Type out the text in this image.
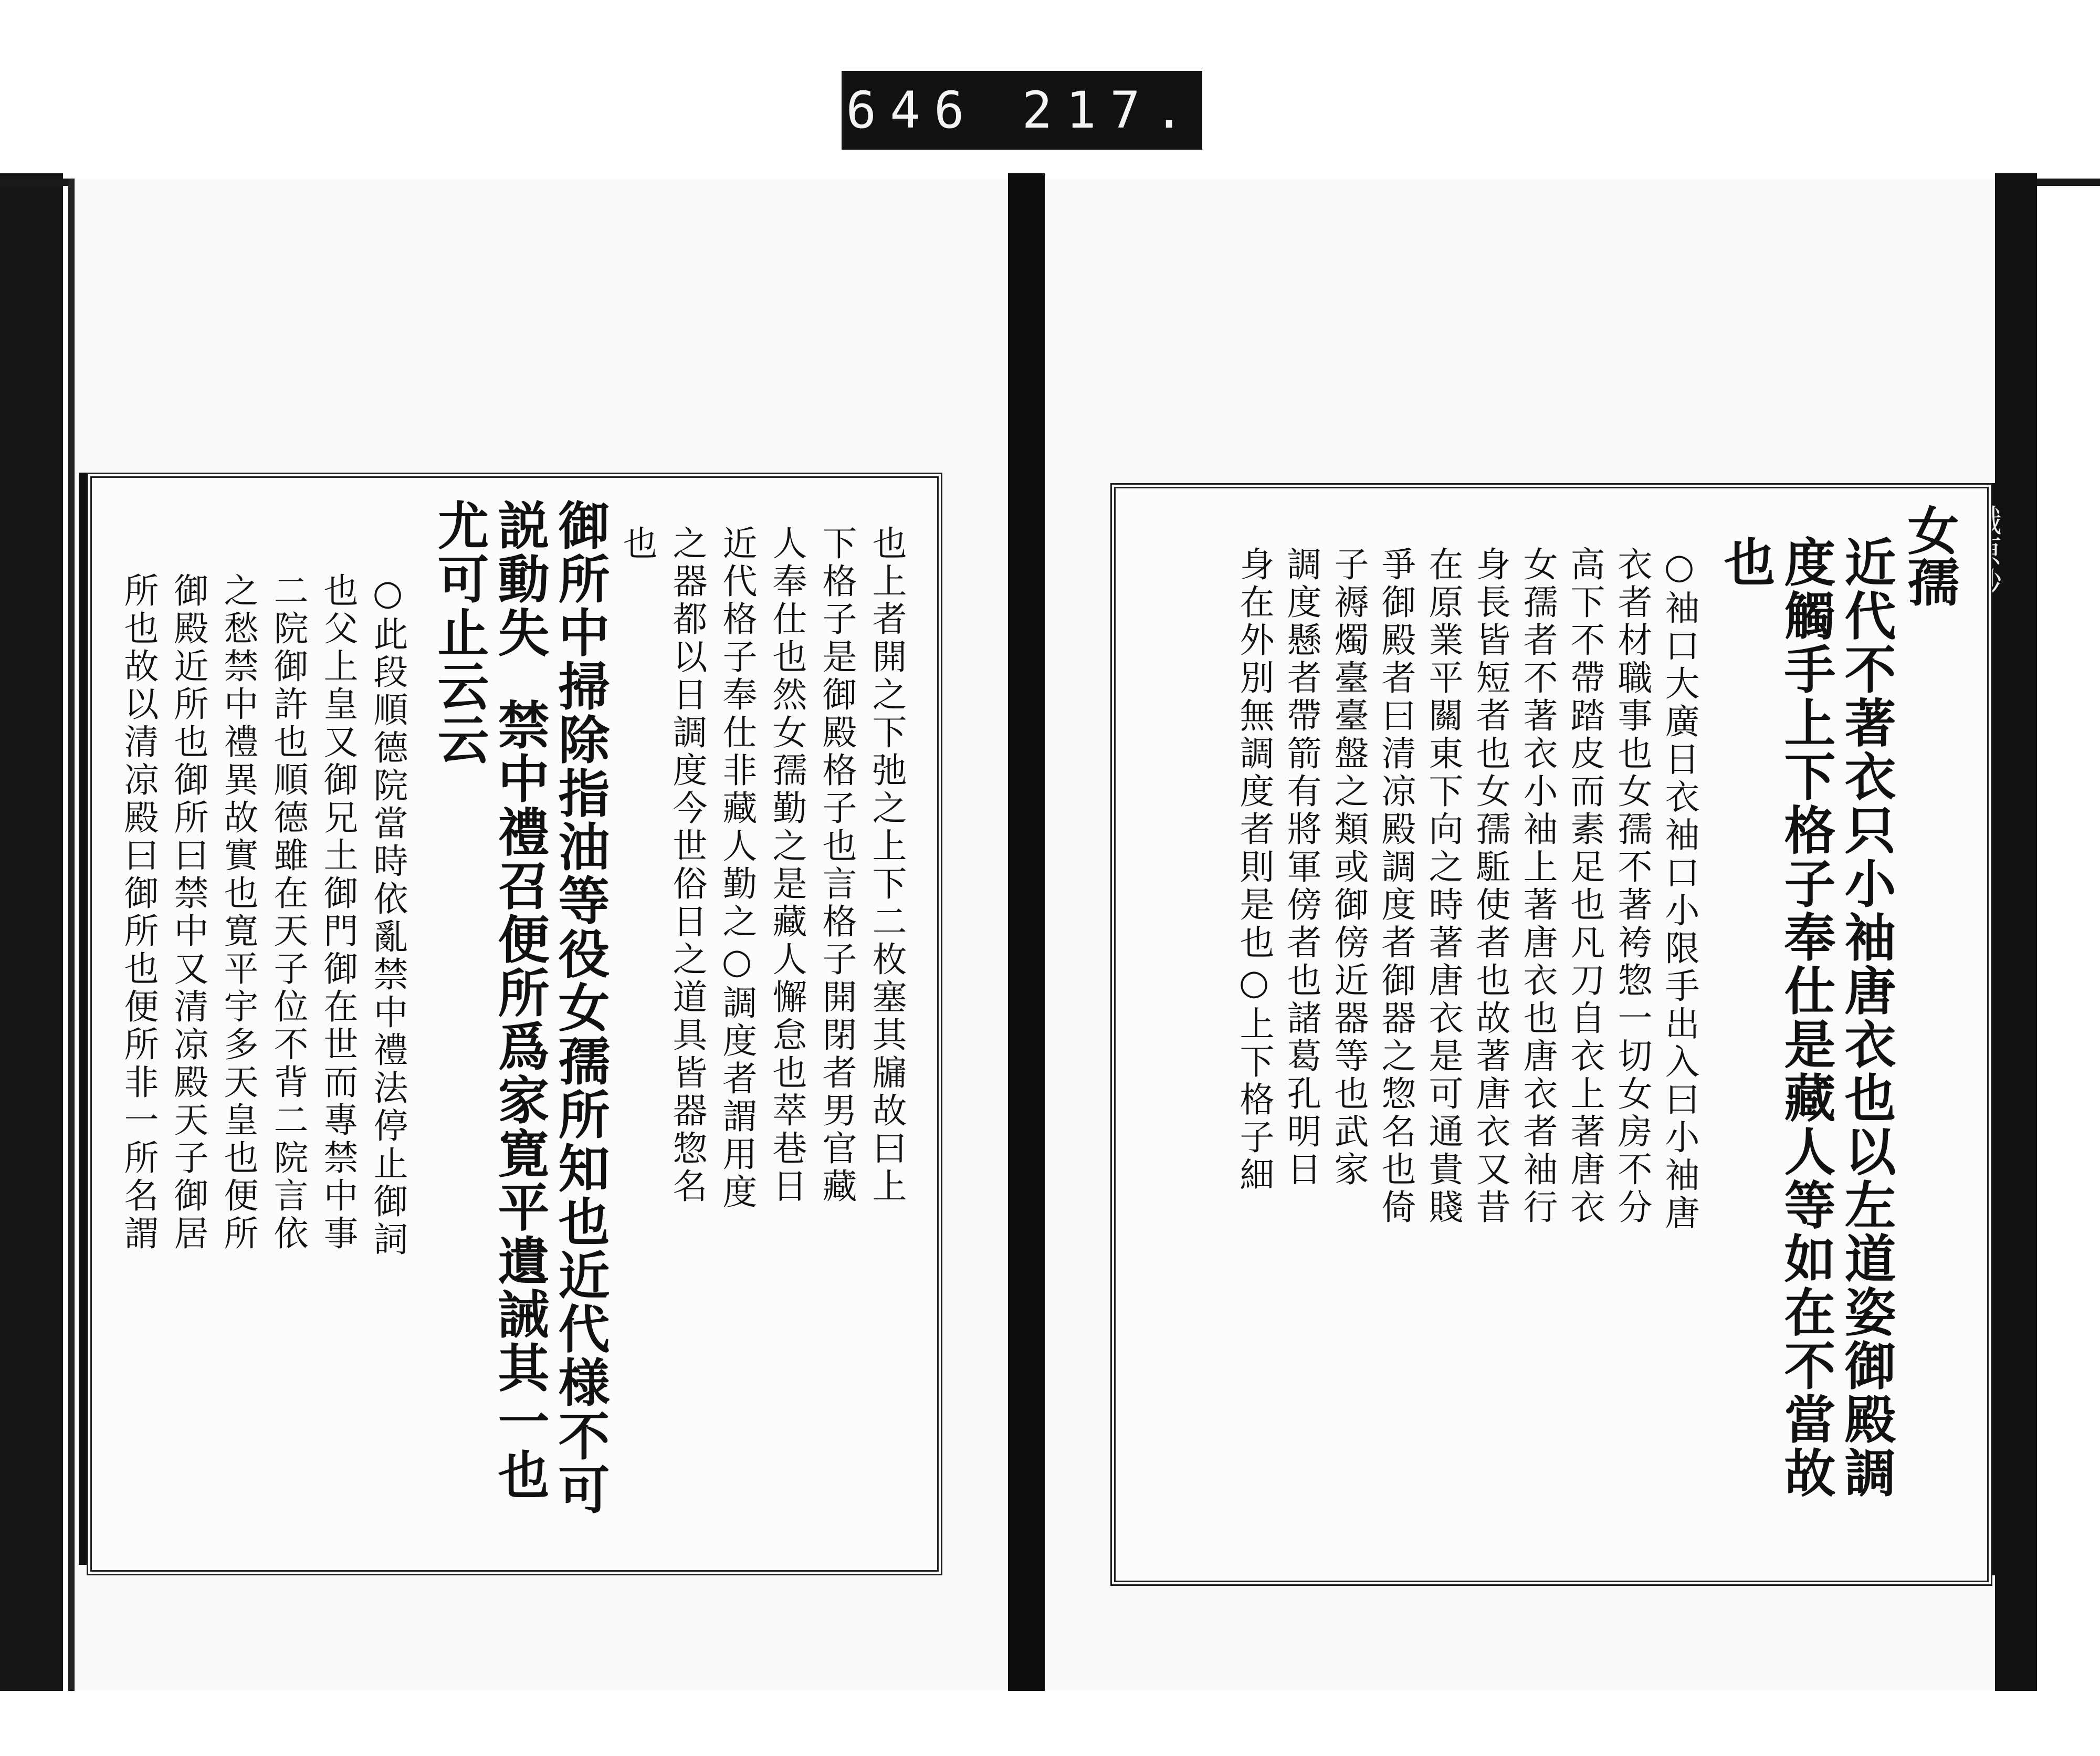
646 217.
也上者開之下弛之上下二枚塞其牖故曰上
下格子是御殿格子也言格子開閉者男官藏
人奉仕也然女孺勤之是藏人懈怠也萃巷日
近代格子奉仕非藏人勤之○調度者謂用度
之器都以日調度今世俗日之道具皆器惣名
也
御所中掃除指油等役女孺所知也近代様不可
説動失
禁中禮召便所爲家寛平遺誡其一也
尤可止云云
○此段順德院當時依亂禁中禮法停止御詞
也父上皇又御兄土御門御在世而專禁中事
二院御許也順德雖在天子位不背二院言依
之愁禁中禮異故實也寛平宇多天皇也便所
御殿近所也御所曰禁中又清凉殿天子御居
所也故以清凉殿曰御所也便所非一所名謂
女孺
近代不著衣只小袖唐衣也以左道姿御殿調
度觸手上下格子奉仕是藏人等如在不當故
也
○袖口大廣日衣袖口小限手出入曰小袖唐
衣者材職事也女孺不著袴惣一切女房不分
高下不帶踏皮而素足也凡刀自衣上著唐衣
女孺者不著衣小袖上著唐衣也唐衣者袖行
身長皆短者也女孺駈使者也故著唐衣又昔
在原業平關東下向之時著唐衣是可通貴賤
爭御殿者曰清凉殿調度者御器之惣名也倚
子褥燭臺臺盤之類或御傍近器等也武家
調度懸者帶箭有將軍傍者也諸葛孔明日
身在外別無調度者則是也○上下格子細
